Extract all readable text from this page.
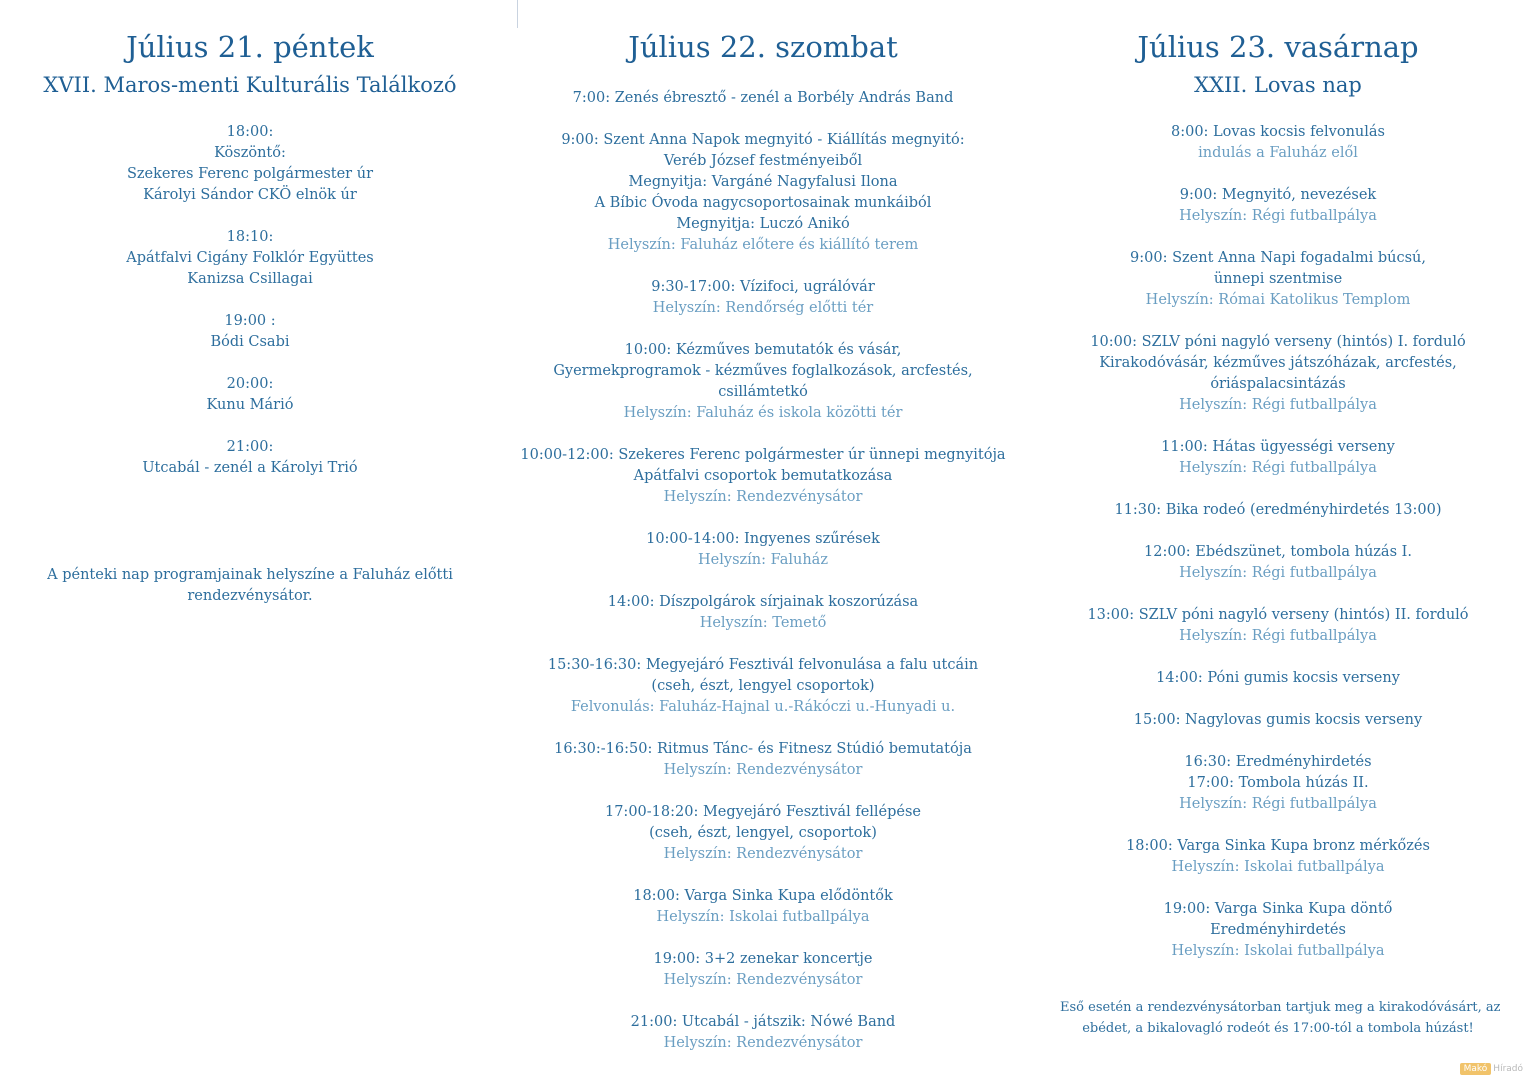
Július 21. péntek
XVII. Maros-menti Kulturális Találkozó
18:00:
Köszöntő:
Szekeres Ferenc polgármester úr
Károlyi Sándor CKÖ elnök úr
18:10:
Apátfalvi Cigány Folklór Együttes
Kanizsa Csillagai
19:00 :
Bódi Csabi
20:00:
Kunu Márió
21:00:
Utcabál - zenél a Károlyi Trió
A pénteki nap programjainak helyszíne a Faluház előtti
rendezvénysátor.
Július 22. szombat
7:00: Zenés ébresztő - zenél a Borbély András Band
9:00: Szent Anna Napok megnyitó - Kiállítás megnyitó:
Veréb József festményeiből
Megnyitja: Vargáné Nagyfalusi Ilona
A Bíbic Óvoda nagycsoportosainak munkáiból
Megnyitja: Luczó Anikó
Helyszín: Faluház előtere és kiállító terem
9:30-17:00: Vízifoci, ugrálóvár
Helyszín: Rendőrség előtti tér
10:00: Kézműves bemutatók és vásár,
Gyermekprogramok - kézműves foglalkozások, arcfestés,
csillámtetkó
Helyszín: Faluház és iskola közötti tér
10:00-12:00: Szekeres Ferenc polgármester úr ünnepi megnyitója
Apátfalvi csoportok bemutatkozása
Helyszín: Rendezvénysátor
10:00-14:00: Ingyenes szűrések
Helyszín: Faluház
14:00: Díszpolgárok sírjainak koszorúzása
Helyszín: Temető
15:30-16:30: Megyejáró Fesztivál felvonulása a falu utcáin
(cseh, észt, lengyel csoportok)
Felvonulás: Faluház-Hajnal u.-Rákóczi u.-Hunyadi u.
16:30:-16:50: Ritmus Tánc- és Fitnesz Stúdió bemutatója
Helyszín: Rendezvénysátor
17:00-18:20: Megyejáró Fesztivál fellépése
(cseh, észt, lengyel, csoportok)
Helyszín: Rendezvénysátor
18:00: Varga Sinka Kupa elődöntők
Helyszín: Iskolai futballpálya
19:00: 3+2 zenekar koncertje
Helyszín: Rendezvénysátor
21:00: Utcabál - játszik: Nówé Band
Helyszín: Rendezvénysátor
Július 23. vasárnap
XXII. Lovas nap
8:00: Lovas kocsis felvonulás
indulás a Faluház elől
9:00: Megnyitó, nevezések
Helyszín: Régi futballpálya
9:00: Szent Anna Napi fogadalmi búcsú,
ünnepi szentmise
Helyszín: Római Katolikus Templom
10:00: SZLV póni nagyló verseny (hintós) I. forduló
Kirakodóvásár, kézműves játszóházak, arcfestés,
óriáspalacsintázás
Helyszín: Régi futballpálya
11:00: Hátas ügyességi verseny
Helyszín: Régi futballpálya
11:30: Bika rodeó (eredményhirdetés 13:00)
12:00: Ebédszünet, tombola húzás I.
Helyszín: Régi futballpálya
13:00: SZLV póni nagyló verseny (hintós) II. forduló
Helyszín: Régi futballpálya
14:00: Póni gumis kocsis verseny
15:00: Nagylovas gumis kocsis verseny
16:30: Eredményhirdetés
17:00: Tombola húzás II.
Helyszín: Régi futballpálya
18:00: Varga Sinka Kupa bronz mérkőzés
Helyszín: Iskolai futballpálya
19:00: Varga Sinka Kupa döntő
Eredményhirdetés
Helyszín: Iskolai futballpálya
Eső esetén a rendezvénysátorban tartjuk meg a kirakodóvásárt, az
ebédet, a bikalovagló rodeót és 17:00-tól a tombola húzást!
Makó Híradó
